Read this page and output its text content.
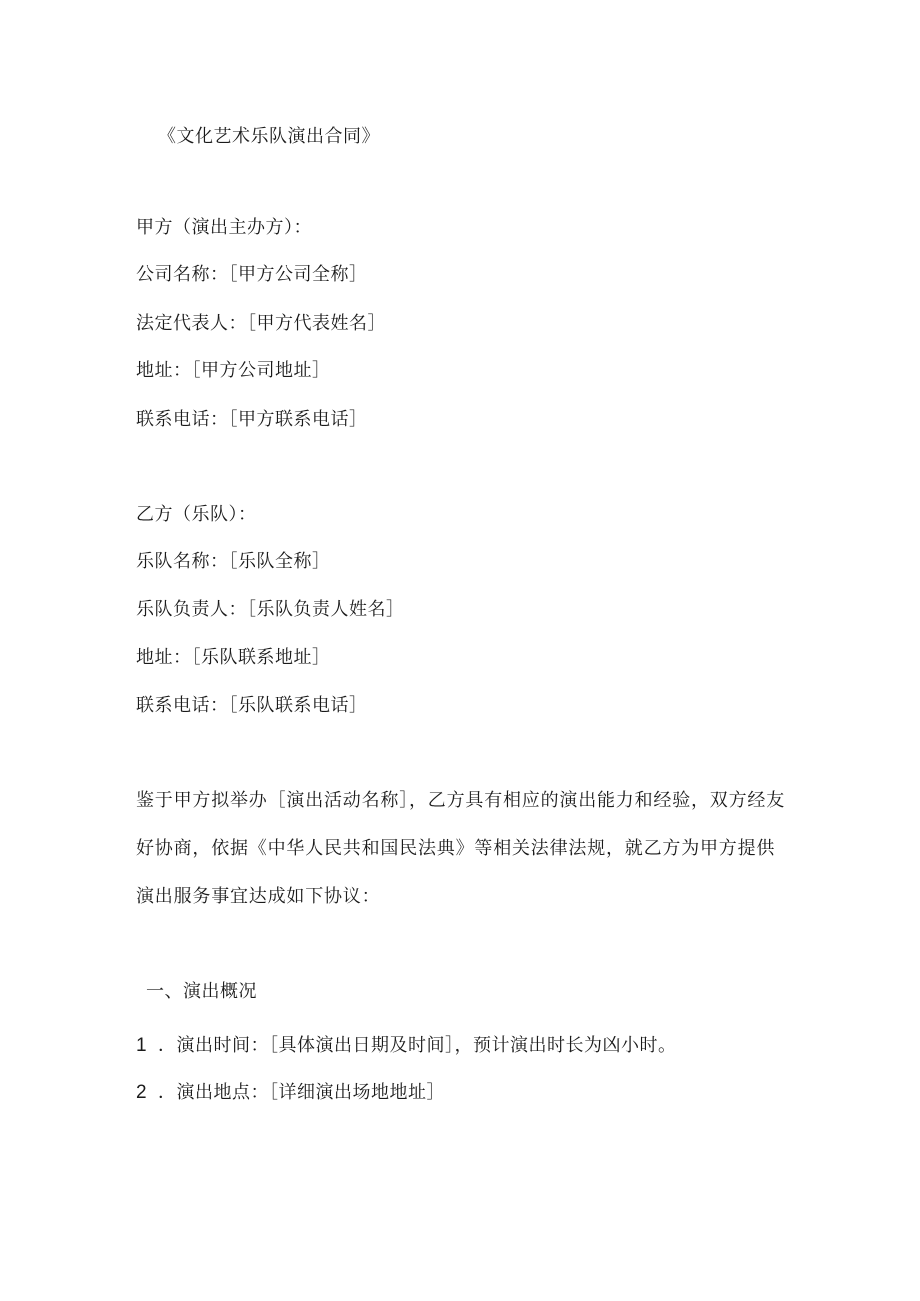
《文化艺术乐队演出合同》
甲方（演出主办方）：
公司名称：［甲方公司全称］
法定代表人：［甲方代表姓名］
地址：［甲方公司地址］
联系电话：［甲方联系电话］
乙方（乐队）：
乐队名称：［乐队全称］
乐队负责人：［乐队负责人姓名］
地址：［乐队联系地址］
联系电话：［乐队联系电话］
鉴于甲方拟举办［演出活动名称］，乙方具有相应的演出能力和经验，双方经友
好协商，依据《中华人民共和国民法典》等相关法律法规，就乙方为甲方提供
演出服务事宜达成如下协议：
一、演出概况
1 ．演出时间：［具体演出日期及时间］，预计演出时长为凶小时。
2 ．演出地点：［详细演出场地地址］
